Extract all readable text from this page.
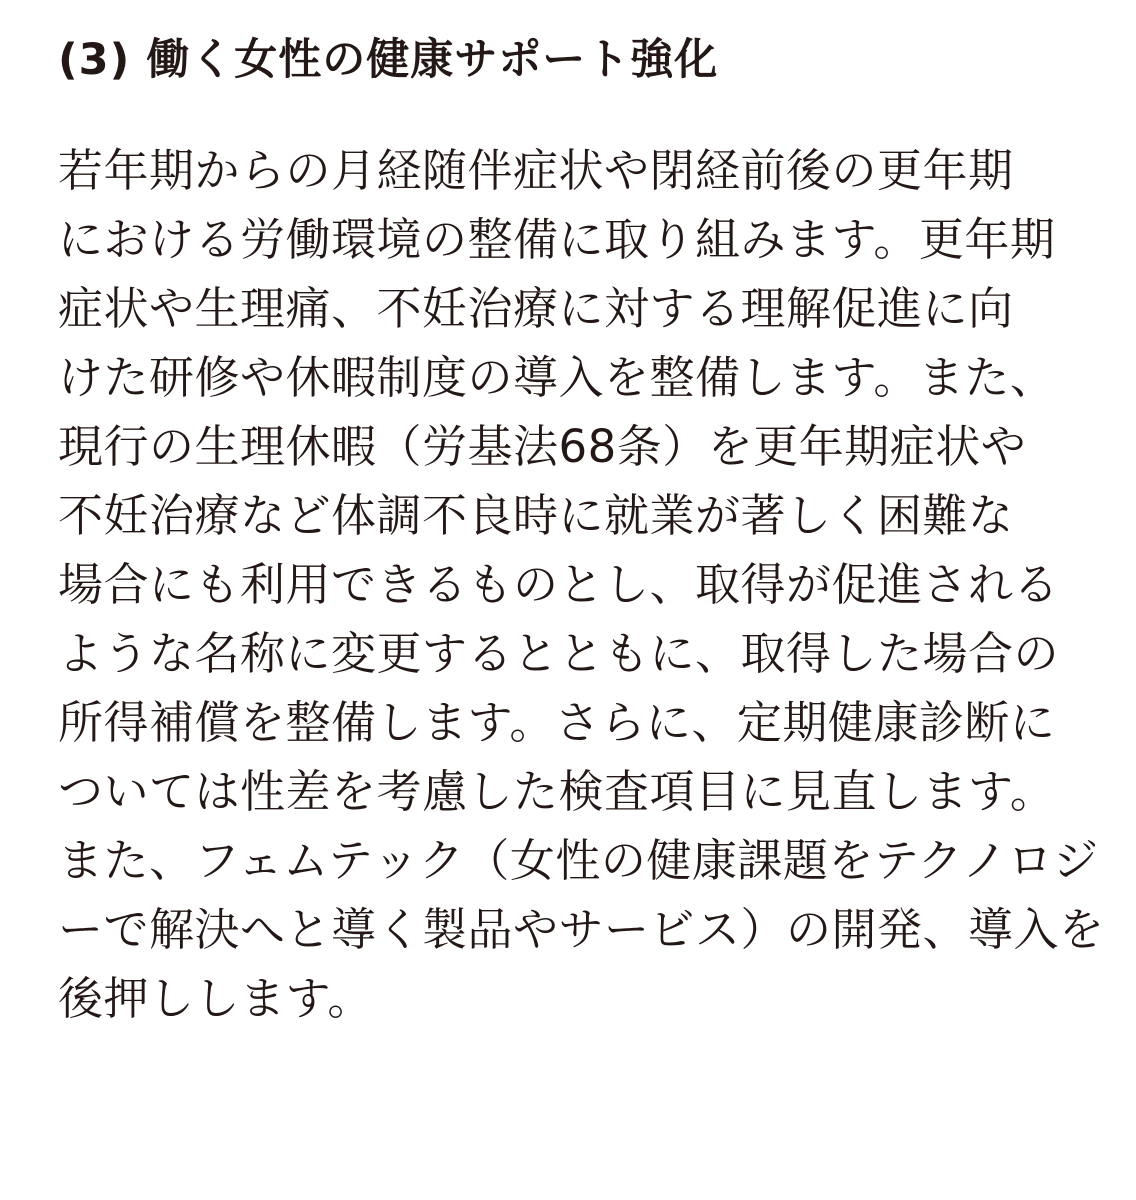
(3) 働く女性の健康サポート強化
若年期からの月経随伴症状や閉経前後の更年期
における労働環境の整備に取り組みます。更年期
症状や生理痛、不妊治療に対する理解促進に向
けた研修や休暇制度の導入を整備します。また、
現行の生理休暇（労基法68条）を更年期症状や
不妊治療など体調不良時に就業が著しく困難な
場合にも利用できるものとし、取得が促進される
ような名称に変更するとともに、取得した場合の
所得補償を整備します。さらに、定期健康診断に
ついては性差を考慮した検査項目に見直します。
また、フェムテック（女性の健康課題をテクノロジ
ーで解決へと導く製品やサービス）の開発、導入を
後押しします。
